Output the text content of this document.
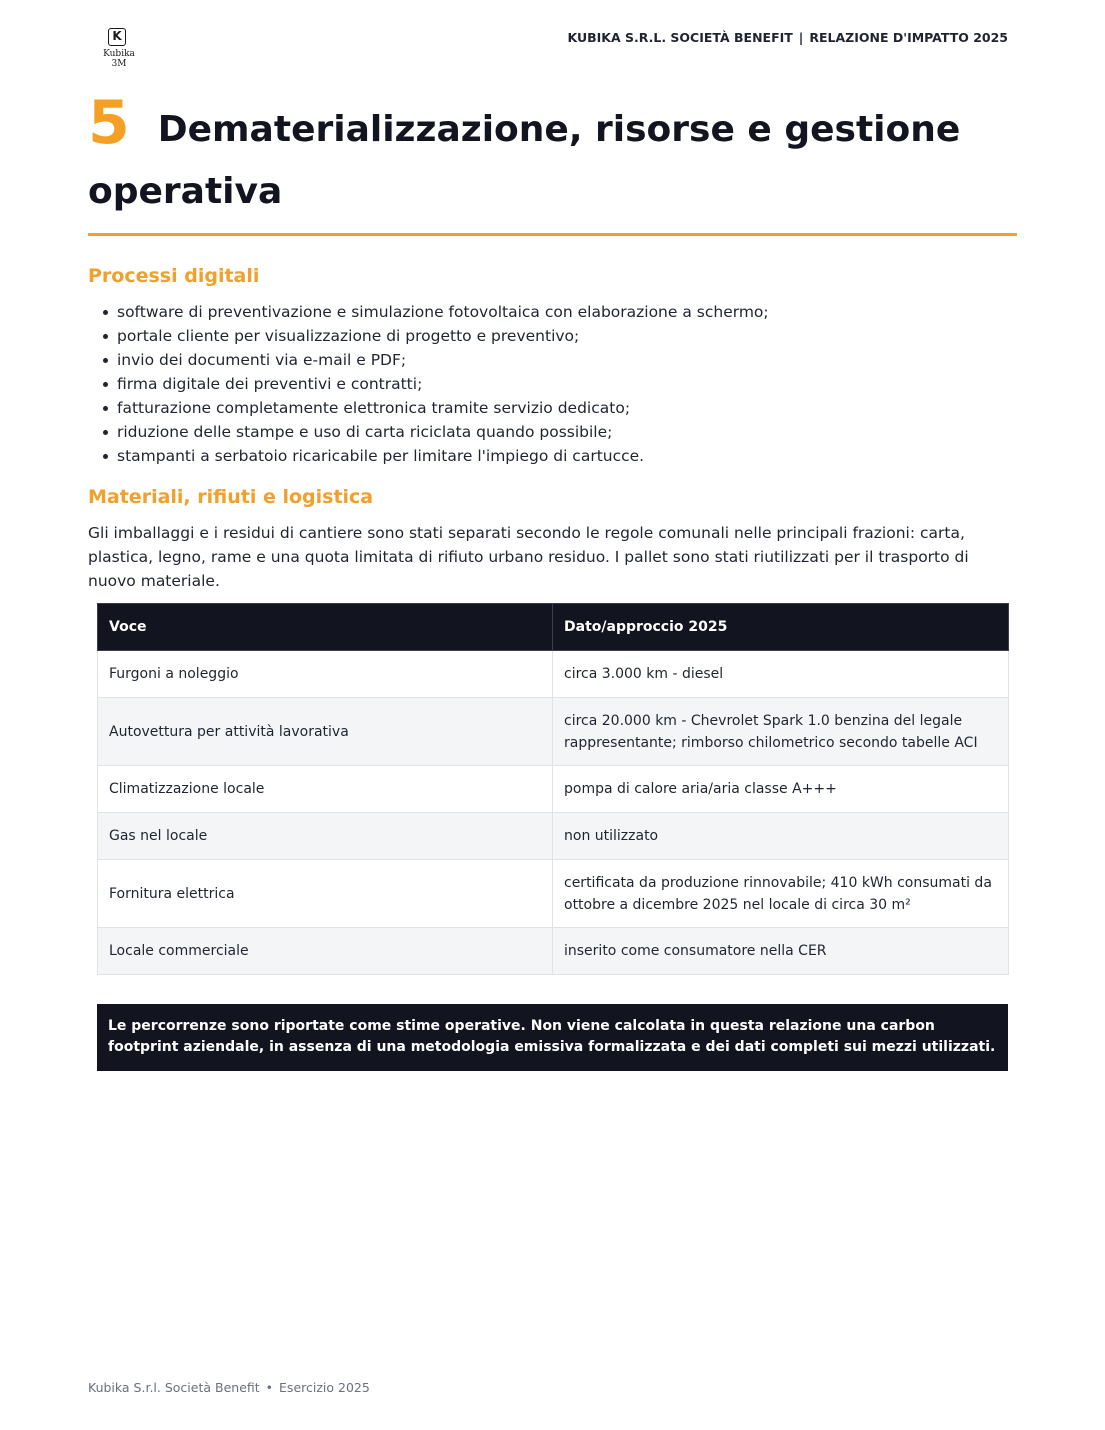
K
Kubika 3M
KUBIKA S.R.L. SOCIETÀ BENEFIT | RELAZIONE D'IMPATTO 2025
5 Dematerializzazione, risorse e gestione operativa
Processi digitali
software di preventivazione e simulazione fotovoltaica con elaborazione a schermo;
portale cliente per visualizzazione di progetto e preventivo;
invio dei documenti via e-mail e PDF;
firma digitale dei preventivi e contratti;
fatturazione completamente elettronica tramite servizio dedicato;
riduzione delle stampe e uso di carta riciclata quando possibile;
stampanti a serbatoio ricaricabile per limitare l'impiego di cartucce.
Materiali, rifiuti e logistica

Gli imballaggi e i residui di cantiere sono stati separati secondo le regole comunali nelle principali frazioni: carta, plastica, legno, rame e una quota limitata di rifiuto urbano residuo. I pallet sono stati riutilizzati per il trasporto di nuovo materiale.

Voce	Dato/approccio 2025
Furgoni a noleggio	circa 3.000 km - diesel
Autovettura per attività lavorativa	circa 20.000 km - Chevrolet Spark 1.0 benzina del legale rappresentante; rimborso chilometrico secondo tabelle ACI
Climatizzazione locale	pompa di calore aria/aria classe A+++
Gas nel locale	non utilizzato
Fornitura elettrica	certificata da produzione rinnovabile; 410 kWh consumati da ottobre a dicembre 2025 nel locale di circa 30 m²
Locale commerciale	inserito come consumatore nella CER
Le percorrenze sono riportate come stime operative. Non viene calcolata in questa relazione una carbon footprint aziendale, in assenza di una metodologia emissiva formalizzata e dei dati completi sui mezzi utilizzati.
Kubika S.r.l. Società Benefit • Esercizio 2025
